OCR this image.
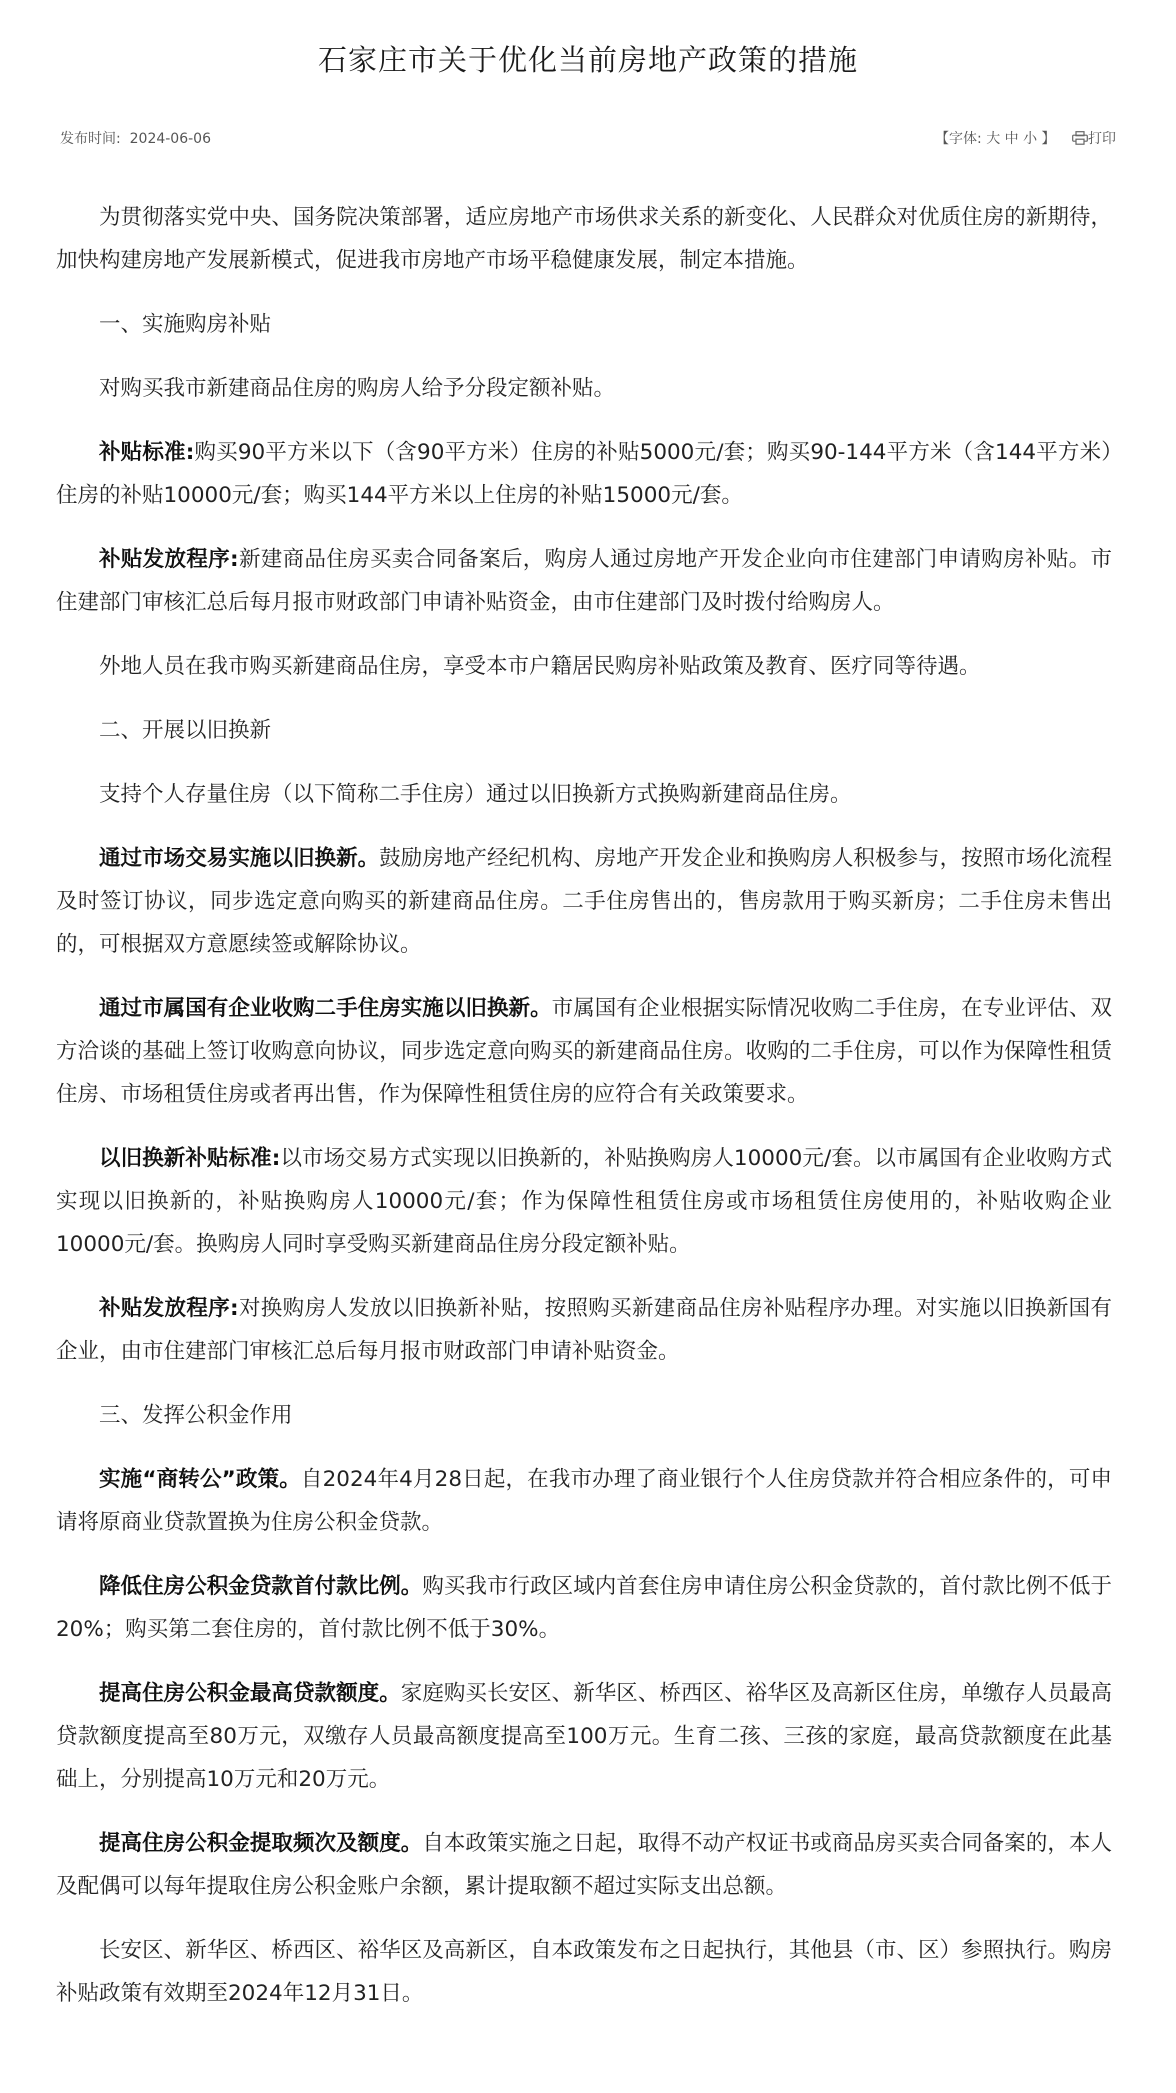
石家庄市关于优化当前房地产政策的措施
发布时间: 2024-06-06	【字体: 大 中 小 】 打印

为贯彻落实党中央、国务院决策部署，适应房地产市场供求关系的新变化、人民群众对优质住房的新期待，加快构建房地产发展新模式，促进我市房地产市场平稳健康发展，制定本措施。

一、实施购房补贴

对购买我市新建商品住房的购房人给予分段定额补贴。

补贴标准:购买90平方米以下（含90平方米）住房的补贴5000元/套；购买90-144平方米（含144平方米）住房的补贴10000元/套；购买144平方米以上住房的补贴15000元/套。

补贴发放程序:新建商品住房买卖合同备案后，购房人通过房地产开发企业向市住建部门申请购房补贴。市住建部门审核汇总后每月报市财政部门申请补贴资金，由市住建部门及时拨付给购房人。

外地人员在我市购买新建商品住房，享受本市户籍居民购房补贴政策及教育、医疗同等待遇。

二、开展以旧换新

支持个人存量住房（以下简称二手住房）通过以旧换新方式换购新建商品住房。

通过市场交易实施以旧换新。鼓励房地产经纪机构、房地产开发企业和换购房人积极参与，按照市场化流程及时签订协议，同步选定意向购买的新建商品住房。二手住房售出的，售房款用于购买新房；二手住房未售出的，可根据双方意愿续签或解除协议。

通过市属国有企业收购二手住房实施以旧换新。市属国有企业根据实际情况收购二手住房，在专业评估、双方洽谈的基础上签订收购意向协议，同步选定意向购买的新建商品住房。收购的二手住房，可以作为保障性租赁住房、市场租赁住房或者再出售，作为保障性租赁住房的应符合有关政策要求。

以旧换新补贴标准:以市场交易方式实现以旧换新的，补贴换购房人10000元/套。以市属国有企业收购方式实现以旧换新的，补贴换购房人10000元/套；作为保障性租赁住房或市场租赁住房使用的，补贴收购企业10000元/套。换购房人同时享受购买新建商品住房分段定额补贴。

补贴发放程序:对换购房人发放以旧换新补贴，按照购买新建商品住房补贴程序办理。对实施以旧换新国有企业，由市住建部门审核汇总后每月报市财政部门申请补贴资金。

三、发挥公积金作用

实施“商转公”政策。自2024年4月28日起，在我市办理了商业银行个人住房贷款并符合相应条件的，可申请将原商业贷款置换为住房公积金贷款。

降低住房公积金贷款首付款比例。购买我市行政区域内首套住房申请住房公积金贷款的，首付款比例不低于20%；购买第二套住房的，首付款比例不低于30%。

提高住房公积金最高贷款额度。家庭购买长安区、新华区、桥西区、裕华区及高新区住房，单缴存人员最高贷款额度提高至80万元，双缴存人员最高额度提高至100万元。生育二孩、三孩的家庭，最高贷款额度在此基础上，分别提高10万元和20万元。

提高住房公积金提取频次及额度。自本政策实施之日起，取得不动产权证书或商品房买卖合同备案的，本人及配偶可以每年提取住房公积金账户余额，累计提取额不超过实际支出总额。

长安区、新华区、桥西区、裕华区及高新区，自本政策发布之日起执行，其他县（市、区）参照执行。购房补贴政策有效期至2024年12月31日。
